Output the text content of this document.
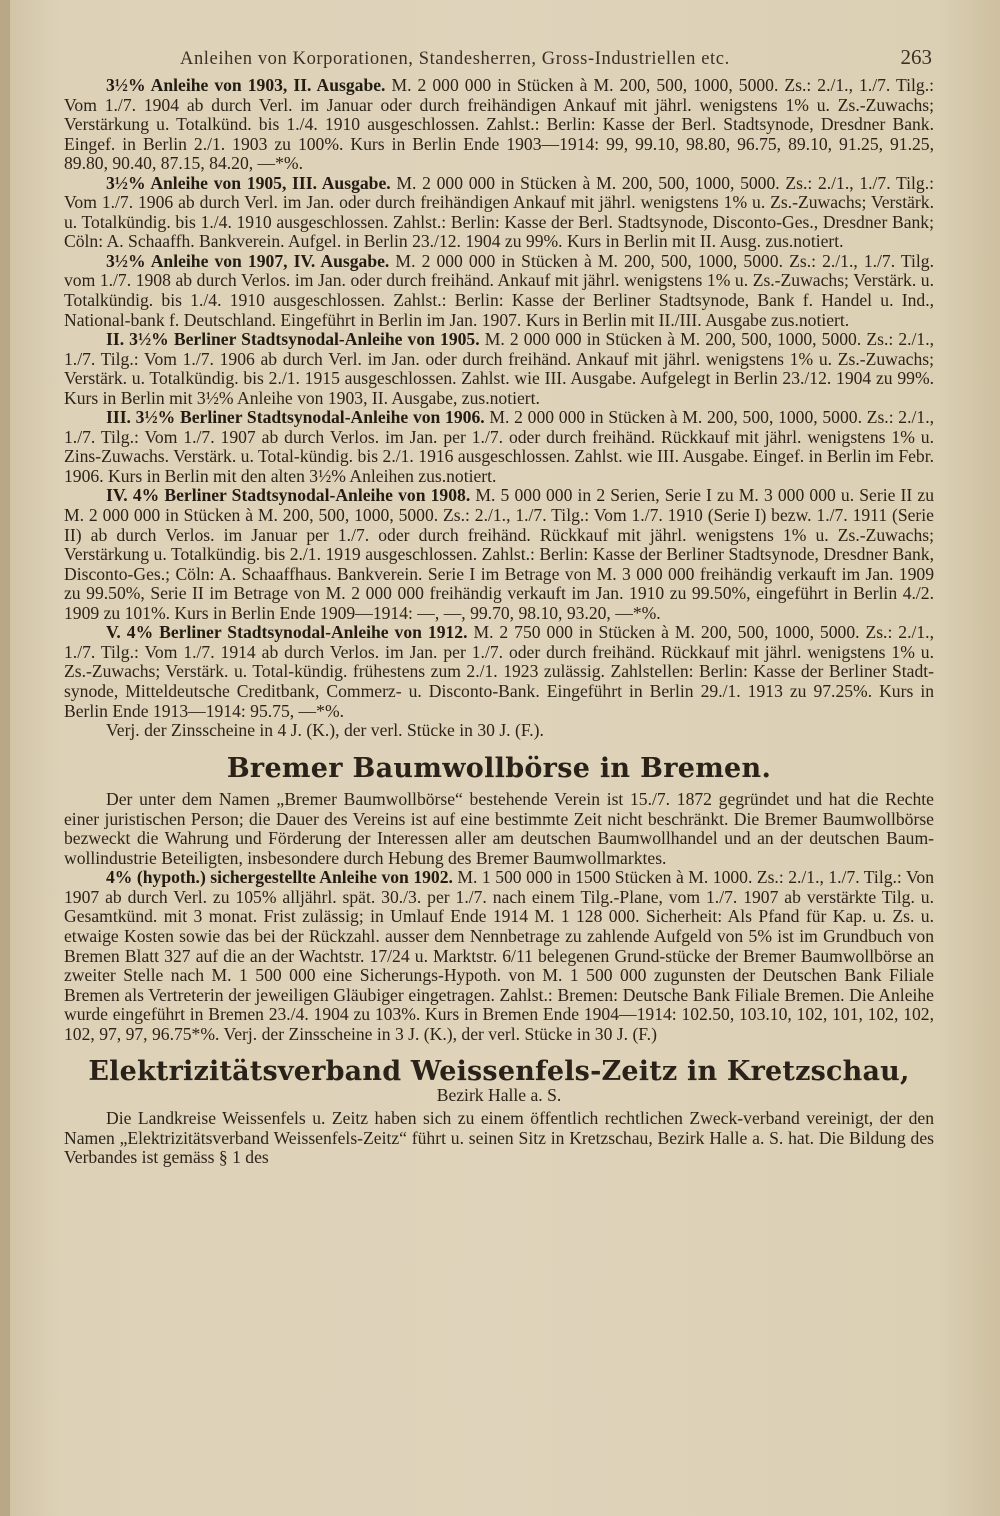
Anleihen von Korporationen, Standesherren, Gross-Industriellen etc.	263

3½% Anleihe von 1903, II. Ausgabe. M. 2 000 000 in Stücken à M. 200, 500, 1000, 5000. Zs.: 2./1., 1./7. Tilg.: Vom 1./7. 1904 ab durch Verl. im Januar oder durch freihändigen Ankauf mit jährl. wenigstens 1% u. Zs.-Zuwachs; Verstärkung u. Totalkünd. bis 1./4. 1910 ausgeschlossen. Zahlst.: Berlin: Kasse der Berl. Stadtsynode, Dresdner Bank. Eingef. in Berlin 2./1. 1903 zu 100%. Kurs in Berlin Ende 1903—1914: 99, 99.10, 98.80, 96.75, 89.10, 91.25, 91.25, 89.80, 90.40, 87.15, 84.20, —*%.

3½% Anleihe von 1905, III. Ausgabe. M. 2 000 000 in Stücken à M. 200, 500, 1000, 5000. Zs.: 2./1., 1./7. Tilg.: Vom 1./7. 1906 ab durch Verl. im Jan. oder durch freihändigen Ankauf mit jährl. wenigstens 1% u. Zs.-Zuwachs; Verstärk. u. Totalkündig. bis 1./4. 1910 ausgeschlossen. Zahlst.: Berlin: Kasse der Berl. Stadtsynode, Disconto-Ges., Dresdner Bank; Cöln: A. Schaaffh. Bankverein. Aufgel. in Berlin 23./12. 1904 zu 99%. Kurs in Berlin mit II. Ausg. zus.notiert.

3½% Anleihe von 1907, IV. Ausgabe. M. 2 000 000 in Stücken à M. 200, 500, 1000, 5000. Zs.: 2./1., 1./7. Tilg. vom 1./7. 1908 ab durch Verlos. im Jan. oder durch freihänd. Ankauf mit jährl. wenigstens 1% u. Zs.-Zuwachs; Verstärk. u. Totalkündig. bis 1./4. 1910 ausgeschlossen. Zahlst.: Berlin: Kasse der Berliner Stadtsynode, Bank f. Handel u. Ind., National-bank f. Deutschland. Eingeführt in Berlin im Jan. 1907. Kurs in Berlin mit II./III. Ausgabe zus.notiert.

II. 3½% Berliner Stadtsynodal-Anleihe von 1905. M. 2 000 000 in Stücken à M. 200, 500, 1000, 5000. Zs.: 2./1., 1./7. Tilg.: Vom 1./7. 1906 ab durch Verl. im Jan. oder durch freihänd. Ankauf mit jährl. wenigstens 1% u. Zs.-Zuwachs; Verstärk. u. Totalkündig. bis 2./1. 1915 ausgeschlossen. Zahlst. wie III. Ausgabe. Aufgelegt in Berlin 23./12. 1904 zu 99%. Kurs in Berlin mit 3½% Anleihe von 1903, II. Ausgabe, zus.notiert.

III. 3½% Berliner Stadtsynodal-Anleihe von 1906. M. 2 000 000 in Stücken à M. 200, 500, 1000, 5000. Zs.: 2./1., 1./7. Tilg.: Vom 1./7. 1907 ab durch Verlos. im Jan. per 1./7. oder durch freihänd. Rückkauf mit jährl. wenigstens 1% u. Zins-Zuwachs. Verstärk. u. Total-kündig. bis 2./1. 1916 ausgeschlossen. Zahlst. wie III. Ausgabe. Eingef. in Berlin im Febr. 1906. Kurs in Berlin mit den alten 3½% Anleihen zus.notiert.

IV. 4% Berliner Stadtsynodal-Anleihe von 1908. M. 5 000 000 in 2 Serien, Serie I zu M. 3 000 000 u. Serie II zu M. 2 000 000 in Stücken à M. 200, 500, 1000, 5000. Zs.: 2./1., 1./7. Tilg.: Vom 1./7. 1910 (Serie I) bezw. 1./7. 1911 (Serie II) ab durch Verlos. im Januar per 1./7. oder durch freihänd. Rückkauf mit jährl. wenigstens 1% u. Zs.-Zuwachs; Verstärkung u. Totalkündig. bis 2./1. 1919 ausgeschlossen. Zahlst.: Berlin: Kasse der Berliner Stadtsynode, Dresdner Bank, Disconto-Ges.; Cöln: A. Schaaffhaus. Bankverein. Serie I im Betrage von M. 3 000 000 freihändig verkauft im Jan. 1909 zu 99.50%, Serie II im Betrage von M. 2 000 000 freihändig verkauft im Jan. 1910 zu 99.50%, eingeführt in Berlin 4./2. 1909 zu 101%. Kurs in Berlin Ende 1909—1914: —, —, 99.70, 98.10, 93.20, —*%.

V. 4% Berliner Stadtsynodal-Anleihe von 1912. M. 2 750 000 in Stücken à M. 200, 500, 1000, 5000. Zs.: 2./1., 1./7. Tilg.: Vom 1./7. 1914 ab durch Verlos. im Jan. per 1./7. oder durch freihänd. Rückkauf mit jährl. wenigstens 1% u. Zs.-Zuwachs; Verstärk. u. Total-kündig. frühestens zum 2./1. 1923 zulässig. Zahlstellen: Berlin: Kasse der Berliner Stadt-synode, Mitteldeutsche Creditbank, Commerz- u. Disconto-Bank. Eingeführt in Berlin 29./1. 1913 zu 97.25%. Kurs in Berlin Ende 1913—1914: 95.75, —*%.

Verj. der Zinsscheine in 4 J. (K.), der verl. Stücke in 30 J. (F.).

Bremer Baumwollbörse in Bremen.

Der unter dem Namen „Bremer Baumwollbörse“ bestehende Verein ist 15./7. 1872 gegründet und hat die Rechte einer juristischen Person; die Dauer des Vereins ist auf eine bestimmte Zeit nicht beschränkt. Die Bremer Baumwollbörse bezweckt die Wahrung und Förderung der Interessen aller am deutschen Baumwollhandel und an der deutschen Baum-wollindustrie Beteiligten, insbesondere durch Hebung des Bremer Baumwollmarktes.

4% (hypoth.) sichergestellte Anleihe von 1902. M. 1 500 000 in 1500 Stücken à M. 1000. Zs.: 2./1., 1./7. Tilg.: Von 1907 ab durch Verl. zu 105% alljährl. spät. 30./3. per 1./7. nach einem Tilg.-Plane, vom 1./7. 1907 ab verstärkte Tilg. u. Gesamtkünd. mit 3 monat. Frist zulässig; in Umlauf Ende 1914 M. 1 128 000. Sicherheit: Als Pfand für Kap. u. Zs. u. etwaige Kosten sowie das bei der Rückzahl. ausser dem Nennbetrage zu zahlende Aufgeld von 5% ist im Grundbuch von Bremen Blatt 327 auf die an der Wachtstr. 17/24 u. Marktstr. 6/11 belegenen Grund-stücke der Bremer Baumwollbörse an zweiter Stelle nach M. 1 500 000 eine Sicherungs-Hypoth. von M. 1 500 000 zugunsten der Deutschen Bank Filiale Bremen als Vertreterin der jeweiligen Gläubiger eingetragen. Zahlst.: Bremen: Deutsche Bank Filiale Bremen. Die Anleihe wurde eingeführt in Bremen 23./4. 1904 zu 103%. Kurs in Bremen Ende 1904—1914: 102.50, 103.10, 102, 101, 102, 102, 102, 97, 97, 96.75*%. Verj. der Zinsscheine in 3 J. (K.), der verl. Stücke in 30 J. (F.)

Elektrizitätsverband Weissenfels-Zeitz in Kretzschau,
Bezirk Halle a. S.

Die Landkreise Weissenfels u. Zeitz haben sich zu einem öffentlich rechtlichen Zweck-verband vereinigt, der den Namen „Elektrizitätsverband Weissenfels-Zeitz“ führt u. seinen Sitz in Kretzschau, Bezirk Halle a. S. hat. Die Bildung des Verbandes ist gemäss § 1 des
